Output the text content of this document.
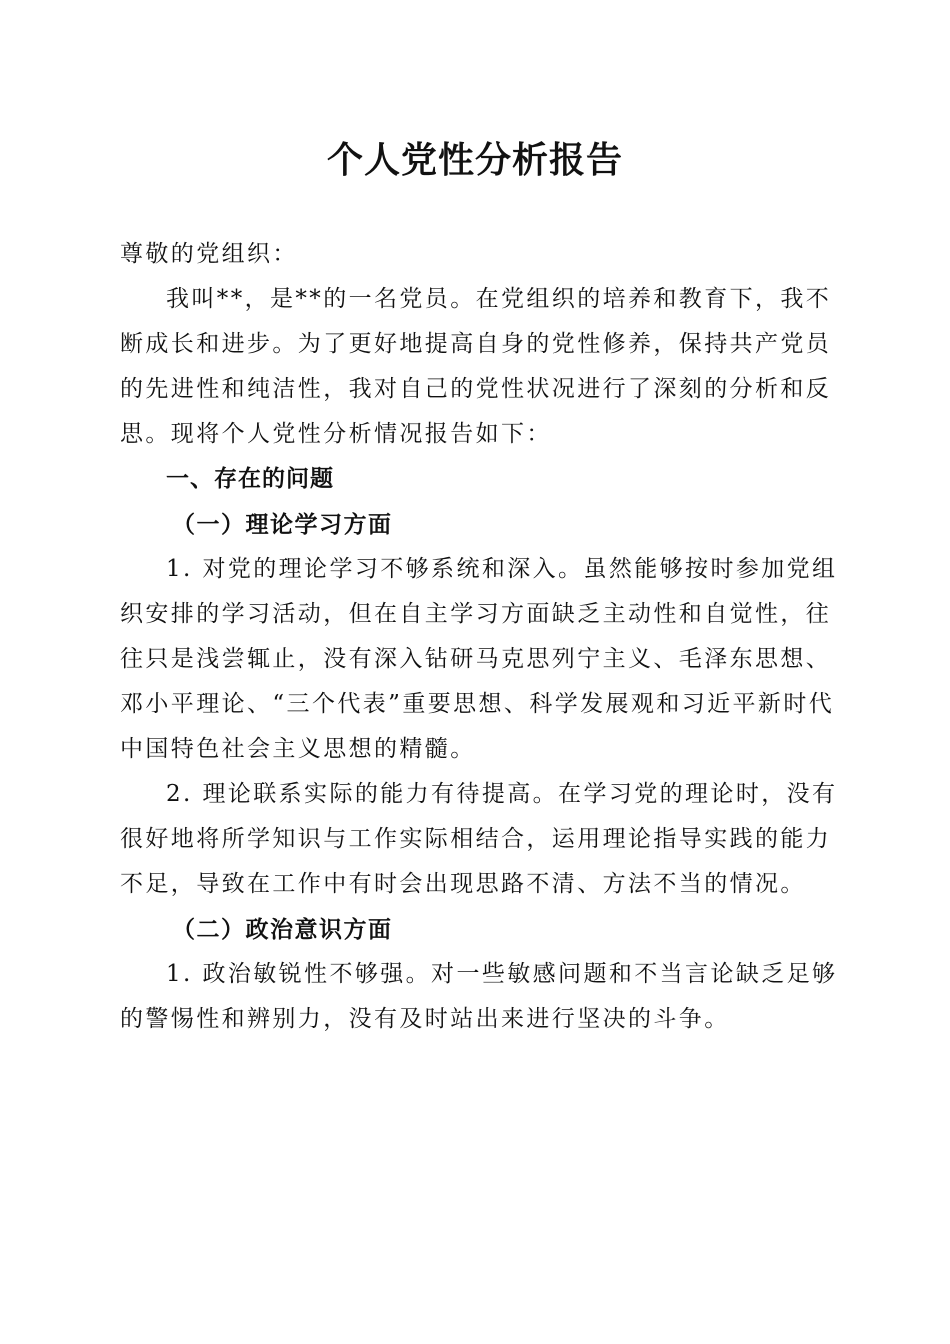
个人党性分析报告

尊敬的党组织：

我叫**，是**的一名党员。在党组织的培养和教育下，我不断成长和进步。为了更好地提高自身的党性修养，保持共产党员的先进性和纯洁性，我对自己的党性状况进行了深刻的分析和反思。现将个人党性分析情况报告如下：

一、存在的问题

（一）理论学习方面

1. 对党的理论学习不够系统和深入。虽然能够按时参加党组织安排的学习活动，但在自主学习方面缺乏主动性和自觉性，往往只是浅尝辄止，没有深入钻研马克思列宁主义、毛泽东思想、邓小平理论、“三个代表”重要思想、科学发展观和习近平新时代中国特色社会主义思想的精髓。

2. 理论联系实际的能力有待提高。在学习党的理论时，没有很好地将所学知识与工作实际相结合，运用理论指导实践的能力不足，导致在工作中有时会出现思路不清、方法不当的情况。

（二）政治意识方面

1. 政治敏锐性不够强。对一些敏感问题和不当言论缺乏足够的警惕性和辨别力，没有及时站出来进行坚决的斗争。
